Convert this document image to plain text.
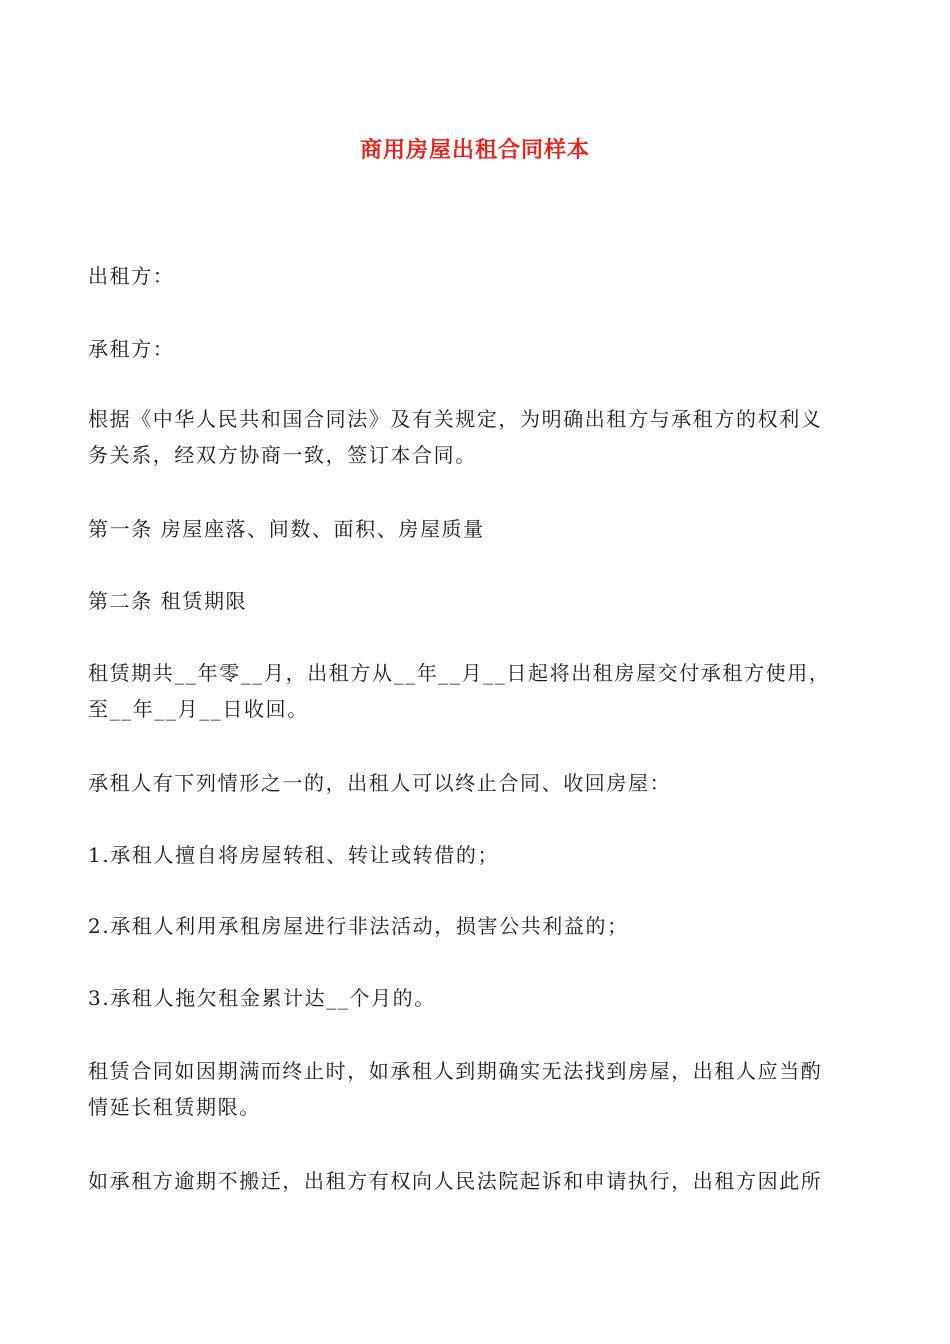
商用房屋出租合同样本

出租方：

承租方：

根据《中华人民共和国合同法》及有关规定，为明确出租方与承租方的权利义
务关系，经双方协商一致，签订本合同。

第一条 房屋座落、间数、面积、房屋质量

第二条 租赁期限

租赁期共__年零__月，出租方从__年__月__日起将出租房屋交付承租方使用，
至__年__月__日收回。

承租人有下列情形之一的，出租人可以终止合同、收回房屋：

1.承租人擅自将房屋转租、转让或转借的；

2.承租人利用承租房屋进行非法活动，损害公共利益的；

3.承租人拖欠租金累计达__个月的。

租赁合同如因期满而终止时，如承租人到期确实无法找到房屋，出租人应当酌
情延长租赁期限。

如承租方逾期不搬迁，出租方有权向人民法院起诉和申请执行，出租方因此所
